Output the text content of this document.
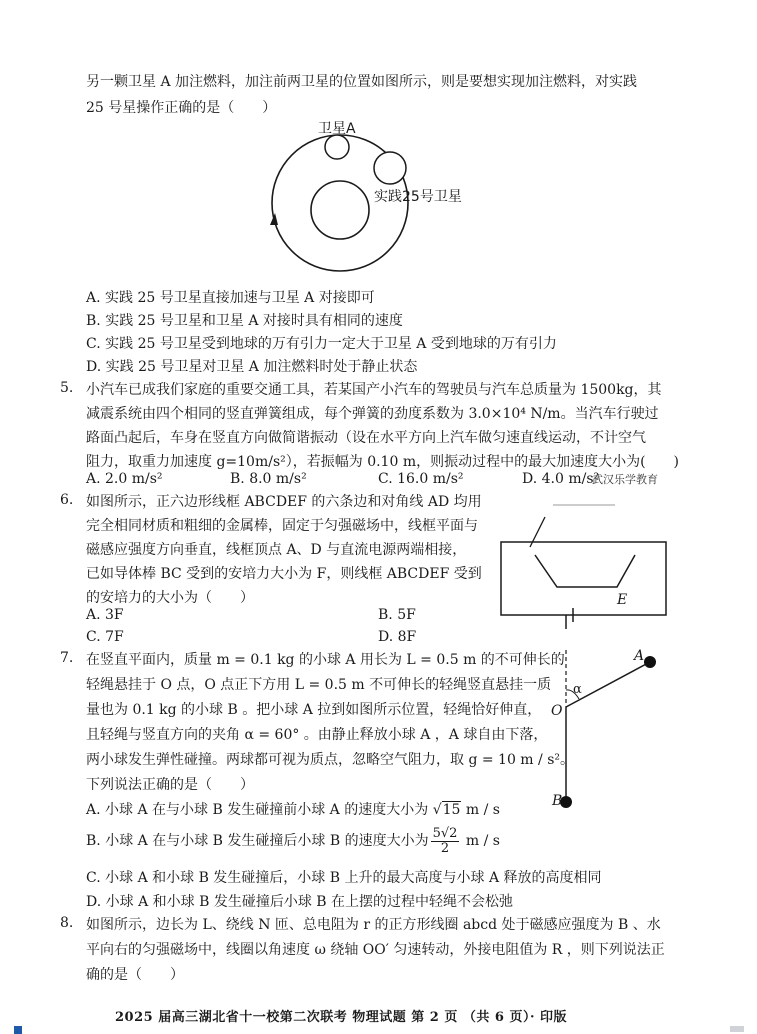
另一颗卫星 A 加注燃料，加注前两卫星的位置如图所示，则是要想实现加注燃料，对实践
25 号星操作正确的是（　　）
卫星A
实践25号卫星
A. 实践 25 号卫星直接加速与卫星 A 对接即可
B. 实践 25 号卫星和卫星 A 对接时具有相同的速度
C. 实践 25 号卫星受到地球的万有引力一定大于卫星 A 受到地球的万有引力
D. 实践 25 号卫星对卫星 A 加注燃料时处于静止状态
5. 小汽车已成我们家庭的重要交通工具，若某国产小汽车的驾驶员与汽车总质量为 1500kg，其
减震系统由四个相同的竖直弹簧组成，每个弹簧的劲度系数为 3.0×10⁴ N/m。当汽车行驶过
路面凸起后，车身在竖直方向做简谐振动（设在水平方向上汽车做匀速直线运动，不计空气
阻力，取重力加速度 g=10m/s²），若振幅为 0.10 m，则振动过程中的最大加速度大小为(　　)
A. 2.0 m/s²	B. 8.0 m/s²	C. 16.0 m/s²	D. 4.0 m/s²
武汉乐学教育
6. 如图所示，正六边形线框 ABCDEF 的六条边和对角线 AD 均用
完全相同材质和粗细的金属棒，固定于匀强磁场中，线框平面与
磁感应强度方向垂直，线框顶点 A、D 与直流电源两端相接，
已如导体棒 BC 受到的安培力大小为 F，则线框 ABCDEF 受到
的安培力的大小为（　　）
A. 3F	B. 5F
C. 7F	D. 8F
E
7. 在竖直平面内，质量 m = 0.1 kg 的小球 A 用长为 L = 0.5 m 的不可伸长的
轻绳悬挂于 O 点，O 点正下方用 L = 0.5 m 不可伸长的轻绳竖直悬挂一质
量也为 0.1 kg 的小球 B 。把小球 A 拉到如图所示位置，轻绳恰好伸直，
且轻绳与竖直方向的夹角 α = 60° 。由静止释放小球 A ，A 球自由下落，
两小球发生弹性碰撞。两球都可视为质点，忽略空气阻力，取 g = 10 m / s²。
下列说法正确的是（　　）
A. 小球 A 在与小球 B 发生碰撞前小球 A 的速度大小为 √15 m / s
B. 小球 A 在与小球 B 发生碰撞后小球 B 的速度大小为 $\frac{5√2}{2}$ m / s
C. 小球 A 和小球 B 发生碰撞后，小球 B 上升的最大高度与小球 A 释放的高度相同
D. 小球 A 和小球 B 发生碰撞后小球 B 在上摆的过程中轻绳不会松弛
A
O
B
α
8. 如图所示，边长为 L、绕线 N 匝、总电阻为 r 的正方形线圈 abcd 处于磁感应强度为 B 、水
平向右的匀强磁场中，线圈以角速度 ω 绕轴 OO′ 匀速转动，外接电阻值为 R ，则下列说法正
确的是（　　）
2025 届高三湖北省十一校第二次联考 物理试题 第 2 页 （共 6 页）· 印版
